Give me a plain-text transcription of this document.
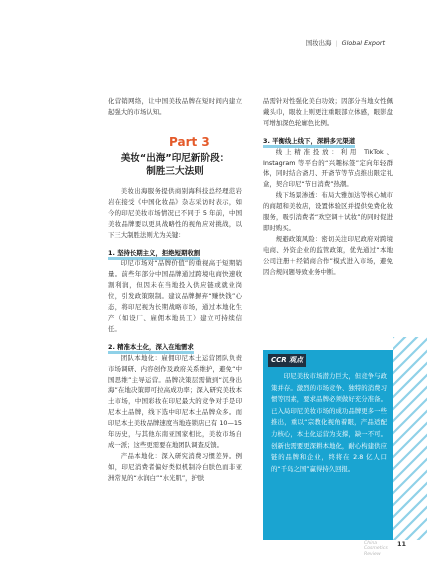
国妆出海 | Global Export

化营销网络，让中国美妆品牌在短时间内建立起强大的市场认知。

Part 3
美妆“出海”印尼新阶段：
制胜三大法则

美妆出海服务提供商别海科技总经理范岩岩在接受《中国化妆品》杂志采访时表示，如今的印尼美妆市场情况已不同于 5 年前，中国美妆品牌要以更具战略性的视角应对挑战，以下三大制胜法则尤为关键：

1. 坚持长期主义，拒绝短期收割

印尼市场对“品牌价值”的重视高于短期销量。前些年部分中国品牌通过跨境电商快速收割利润，但因未在当地投入供应链或就业岗位，引发政策限制。建议品牌摒弃“赚快钱”心态，将印尼视为长期战略市场，通过本地化生产（如设厂、雇佣本地员工）建立可持续信任。

2. 精准本土化，深入在地需求

团队本地化：雇佣印尼本土运营团队负责市场调研、内容创作及政府关系维护，避免“中国思维”主导运营。品牌决策层需做到“沉身出海”在地决策即可拉高成功率；深入研究美妆本土市场，中国彩妆在印尼最大的竞争对手是印尼本土品牌，线下选中印尼本土品牌众多。而印尼本土美妆品牌速度当地连锁店已有 10—15 年历史，与其他东南亚国家相比，美妆市场自成一派；这些更需要在地团队调查反馈。

产品本地化：深入研究消费习惯差异。例如，印尼消费者偏好类似机制冷白肤色而非亚洲常见的“水润白”“水光肌”，护肤

品需针对性强化美白功效；因部分当地女性佩戴头巾，眼妆上则更注重眼部立体感，眼影盘可增加深色轮廓色比例。

3. 平衡线上线下，深耕多元渠道

线上精准投放：利用 TikTok、Instagram 等平台的“兴趣标签”定向年轻群体，同时结合斋月、开斋节等节点推出限定礼盒，契合印尼“节日消费”热潮。

线下场景渗透：布局大雅加达等核心城市的商超和美妆店，设置体验区并提供免费化妆服务，吸引消费者“欢空调＋试妆”的同时促进即时购买。

规避政策风险：密切关注印尼政府对跨境电商、外资企业的监管政策，优先通过“本地公司注册＋经销商合作”模式进入市场，避免因合规问题导致业务中断。

CCR 观点

印尼美妆市场潜力巨大，但竞争与政策并存。激烈的市场竞争、独特的消费习惯等因素，要求品牌必须做好充分准备。已入局印尼美妆市场的成功品牌更多一些推出，重以“宗教化视角着眼，产品适配力核心，本土化运营为支撑，缺一不可。创新也需要更深耕本地化，耐心构建供应链的品牌和企业，终将在 2.8 亿人口的“千岛之国”赢得持久回报。

China
Cosmetics
Review
11
